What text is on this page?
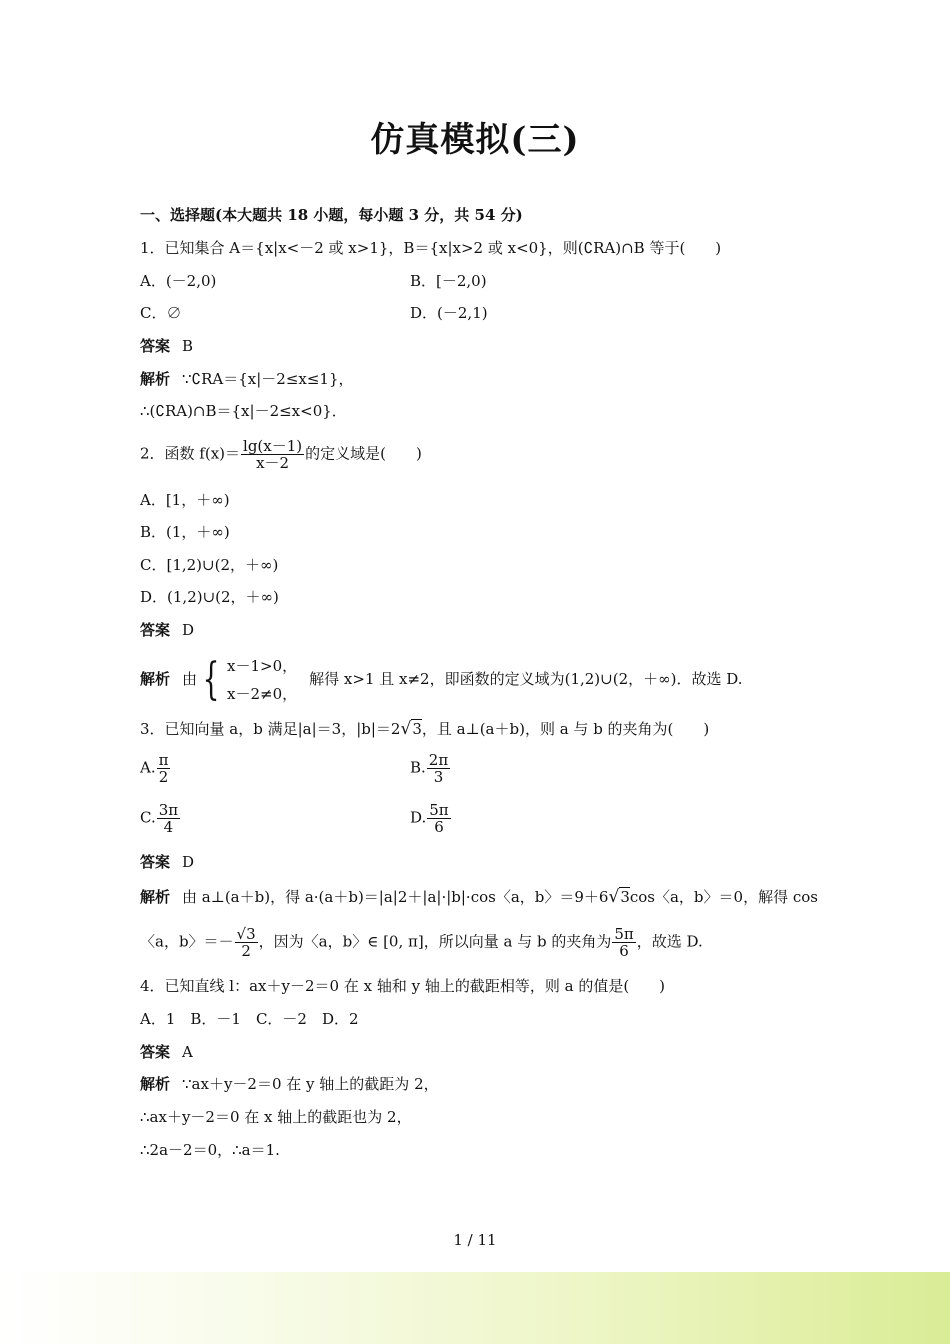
仿真模拟(三)
一、选择题(本大题共 18 小题，每小题 3 分，共 54 分)
1．已知集合 A＝{x|x<－2 或 x>1}，B＝{x|x>2 或 x<0}，则(∁RA)∩B 等于(　　)
A．(－2,0)	B．[－2,0)
C．∅	D．(－2,1)
答案 B
解析 ∵∁RA＝{x|－2≤x≤1}，
∴(∁RA)∩B＝{x|－2≤x<0}．
2．函数 $f(x)= \frac{\lg(x-1)}{x-2}$ 的定义域是(　　)
A．[1，＋∞)
B．(1，＋∞)
C．[1,2)∪(2，＋∞)
D．(1,2)∪(2，＋∞)
答案 D
解析 由 { x－1>0，
x－2≠0，
解得 x>1 且 x≠2，即函数的定义域为(1,2)∪(2，＋∞)．故选 D.
3．已知向量 a，b 满足|a|＝3，|b|＝2√3，且 a⊥(a＋b)，则 a 与 b 的夹角为(　　)
A. $\frac{\pi}{2}$	B. $\frac{2\pi}{3}$
C. $\frac{3\pi}{4}$	D. $\frac{5\pi}{6}$
答案 D
解析 由 a⊥(a＋b)，得 a·(a＋b)＝|a|2＋|a|·|b|·cos〈a，b〉＝9＋6√3cos〈a，b〉＝0，解得 cos
〈a，b〉＝－ $\frac{√3}{2}$ ，因为〈a，b〉∈ [0, π]，所以向量 a 与 b 的夹角为 $\frac{5\pi}{6}$ ，故选 D.
4．已知直线 l：ax＋y－2＝0 在 x 轴和 y 轴上的截距相等，则 a 的值是(　　)
A．1　B．－1　C．－2　D．2
答案 A
解析 ∵ax＋y－2＝0 在 y 轴上的截距为 2，
∴ax＋y－2＝0 在 x 轴上的截距也为 2，
∴2a－2＝0，∴a＝1.
1 / 11
